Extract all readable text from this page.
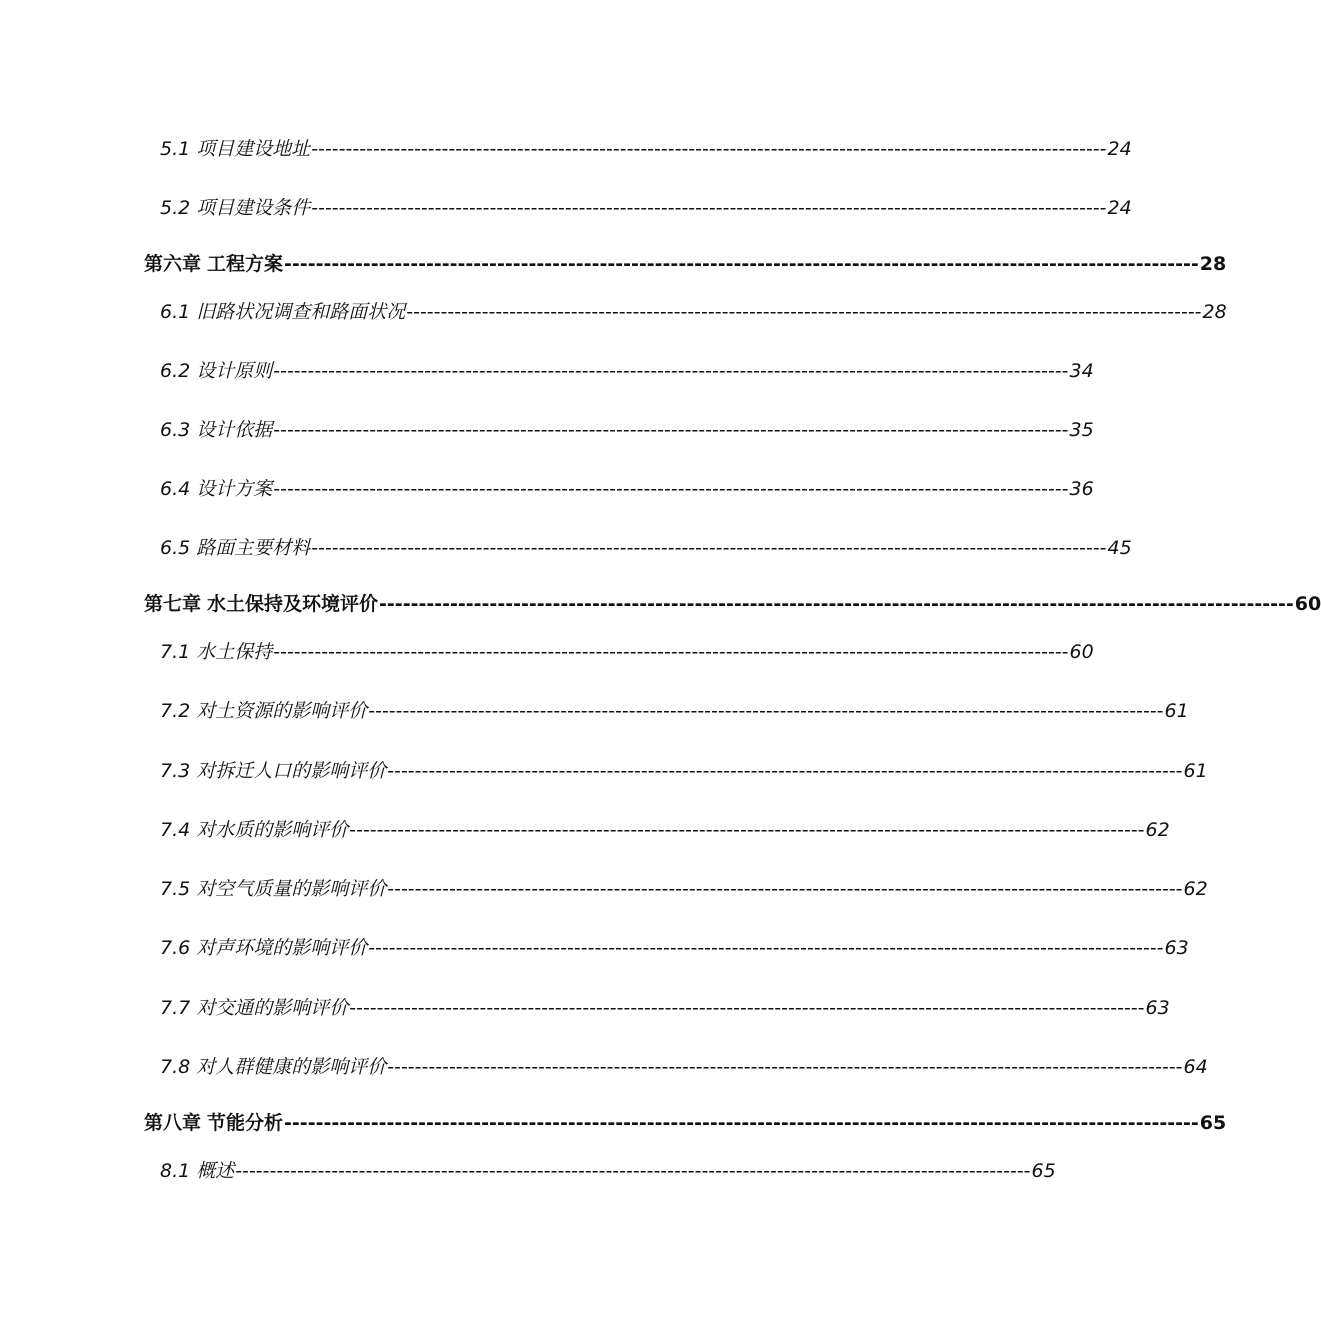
5.1 项目建设地址 -------------------------------------------------------------------------------------------------------------------- 24
5.2 项目建设条件 -------------------------------------------------------------------------------------------------------------------- 24
第六章 工程方案 -------------------------------------------------------------------------------------------------------------------- 28
6.1 旧路状况调查和路面状况 -------------------------------------------------------------------------------------------------------------------- 28
6.2 设计原则 -------------------------------------------------------------------------------------------------------------------- 34
6.3 设计依据 -------------------------------------------------------------------------------------------------------------------- 35
6.4 设计方案 -------------------------------------------------------------------------------------------------------------------- 36
6.5 路面主要材料 -------------------------------------------------------------------------------------------------------------------- 45
第七章 水土保持及环境评价 -------------------------------------------------------------------------------------------------------------------- 60
7.1 水土保持 -------------------------------------------------------------------------------------------------------------------- 60
7.2 对土资源的影响评价 -------------------------------------------------------------------------------------------------------------------- 61
7.3 对拆迁人口的影响评价 -------------------------------------------------------------------------------------------------------------------- 61
7.4 对水质的影响评价 -------------------------------------------------------------------------------------------------------------------- 62
7.5 对空气质量的影响评价 -------------------------------------------------------------------------------------------------------------------- 62
7.6 对声环境的影响评价 -------------------------------------------------------------------------------------------------------------------- 63
7.7 对交通的影响评价 -------------------------------------------------------------------------------------------------------------------- 63
7.8 对人群健康的影响评价 -------------------------------------------------------------------------------------------------------------------- 64
第八章 节能分析 -------------------------------------------------------------------------------------------------------------------- 65
8.1 概述 -------------------------------------------------------------------------------------------------------------------- 65
